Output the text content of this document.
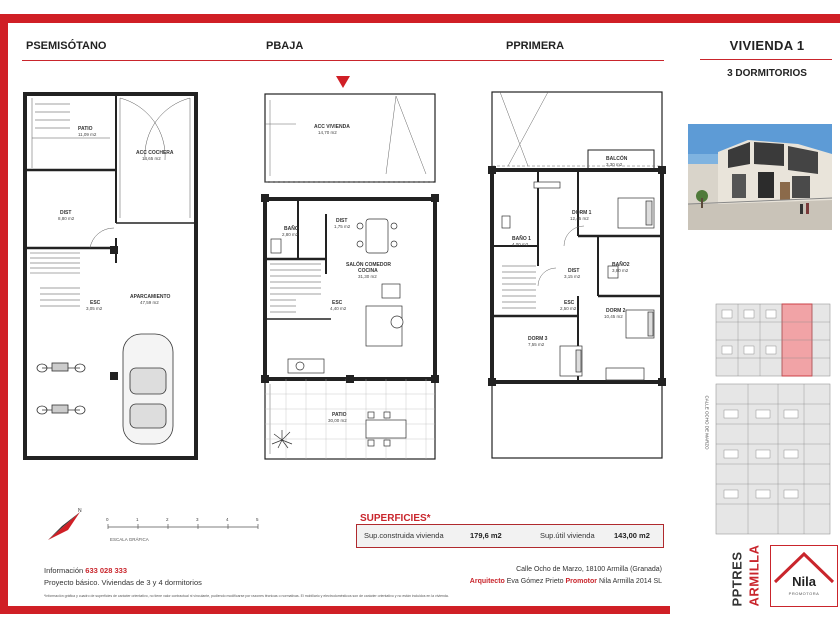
PSEMISÓTANO	PBAJA	PPRIMERA	VIVIENDA 1
3 DORMITORIOS
CALLE OCHO DE MARZO
PATIO
11,09 m2
ACC COCHERA
14,65 m2
DIST
8,80 m2
ESC
3,05 m2
APARCAMIENTO
47,59 m2
ACC VIVIENDA
14,70 m2
BAÑO
2,80 m2
DIST
1,75 m2
SALÓN COMEDOR
COCINA
31,30 m2
ESC
4,40 m2
PATIO
30,00 m2
BALCÓN
3,30 m2
DORM 1
12,45 m2
BAÑO 1
4,00 m2
BAÑO2
3,80 m2
DIST
3,15 m2
ESC
2,50 m2	DORM 2
10,45 m2
DORM 3
7,55 m2
N
0	1	2	3	4	5
ESCALA GRÁFICA
SUPERFICIES*
Sup.construida vivienda	179,6 m2	Sup.útil vivienda	143,00 m2
Información 633 028 333
Proyecto básico. Viviendas de 3 y 4 dormitorios
Calle Ocho de Marzo, 18100 Armilla (Granada)
Arquitecto Eva Gómez Prieto Promotor Nila Armilla 2014 SL
*Información gráfica y cuadro de superficies de carácter orientativo, no tiene valor contractual ni vinculante, pudiendo modificarse por razones técnicas o normativas. El mobiliario y electrodomésticos son de carácter orientativo y no están incluidos en la vivienda.	PPTRES ARMILLA	Nila
PROMOTORA
